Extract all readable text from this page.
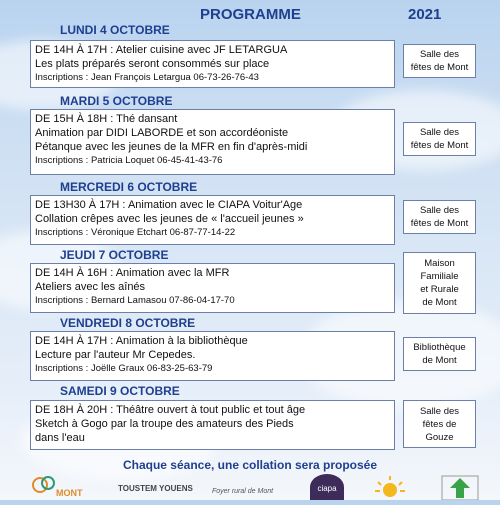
PROGRAMME	2021
LUNDI 4 OCTOBRE
DE 14H À 17H : Atelier cuisine avec JF LETARGUA
Les plats préparés seront consommés sur place
Inscriptions : Jean François Letargua 06-73-26-76-43
Salle des
fêtes de Mont
MARDI 5 OCTOBRE
DE 15H À 18H : Thé dansant
Animation par DIDI LABORDE et son accordéoniste
Pétanque avec les jeunes de la MFR en fin d'après-midi
Inscriptions : Patricia Loquet 06-45-41-43-76
Salle des
fêtes de Mont
MERCREDI 6 OCTOBRE
DE 13H30 À 17H : Animation avec le CIAPA Voitur'Age
Collation crêpes avec les jeunes de « l'accueil jeunes »
Inscriptions : Véronique Etchart 06-87-77-14-22
Salle des
fêtes de Mont
JEUDI 7 OCTOBRE
DE 14H À 16H : Animation avec la MFR
Ateliers avec les aînés
Inscriptions : Bernard Lamasou 07-86-04-17-70
Maison
Familiale
et Rurale
de Mont
VENDREDI 8 OCTOBRE
DE 14H À 17H : Animation à la bibliothèque
Lecture par l'auteur Mr Cepedes.
Inscriptions : Joëlle Graux 06-83-25-63-79
Bibliothèque
de Mont
SAMEDI 9 OCTOBRE
DE 18H À 20H : Théâtre ouvert à tout public et tout âge
Sketch à Gogo par la troupe des amateurs des Pieds
dans l'eau
Salle des
fêtes de
Gouze
Chaque séance, une collation sera proposée
MONT	TOUSTEM YOUENS	Foyer rural de Mont	ciapa
